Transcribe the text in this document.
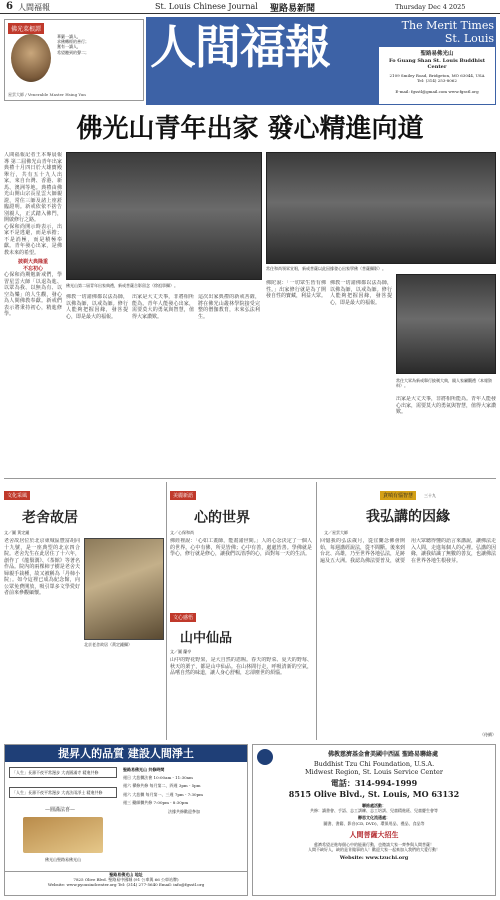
6 人間福報	St. Louis Chinese Journal 聖路易新聞	Thursday Dec 4 2025
佛光菜根譚
華嚴一讀人，
求佛轉經的善行；
奮有一讀人，
希望聽到的聲二；
星雲大師 / Venerable Master Hsing Yun
人間福報	The Merit Times
St. Louis
聖路易佛光山
Fo Guang Shan St. Louis Buddhist Center
2109 Smiley Road, Bridgeton, MO 63044, USA
Tel: (314) 253-8062
E-mail: fgsstl@gmail.com www.fgsstl.org
佛光山青年出家 發心精進向道

人間福報記者王本專晨報導 第二屆佛光山青年出家典禮十月四日於大雄寶殿舉行，共有五十九人出家，來自台灣、香港、新馬、澳洲等地。典禮由佛光山開山宗長星雲大師親證，常住三師及諸上座蒞臨證明。新戒依依不捨告別親人，正式踏入佛門，開啟修行之路。

心保和尚開示時表示，出家不是逃避，而是承擔；不是消極，而是積極奉獻。青年發心出家，是佛教未來的希望。

披剃大典隆重

不忘初心

心保和尚期勉新戒們，學習星雲大師「以退為進、以眾為我、以無為有、以空為樂」的人生觀，發心為人間佛教奉獻。新戒們表示將秉持初心，精進修學。

常住和尚領眾宣唱，新戒菩薩以此因緣發心出家學佛（菩薩攝影）。
佛光山第二屆青年出家典禮，新戒菩薩合影留念（徐祖寧攝）。
佛教一切諸佛都以法為師，以佛為師，以戒為師。修行人能夠把握因緣，發菩提心，即是最大的福報。
出家是大丈夫事，非將相所能為。青年人能發心出家，需要莫大的勇氣與智慧，值得大家讚歎。
這次出家典禮的新戒菩薩，將在佛光山叢林學院接受完整的僧伽教育，未來弘法利生。
佛陀說：「一切眾生皆有佛性。」出家修行就是為了開發自性的寶藏，利益大眾。
佛教一切諸佛都以法為師，以佛為師，以戒為師。修行人能夠把握因緣，發菩提心，即是最大的福報。
常住大眾為新戒舉行披剃大典，親人家屬觀禮（本報資料）。
出家是大丈夫事，非將相所能為。青年人能發心出家，需要莫大的勇氣與智慧，值得大家讚歎。
文化采風
老舍故居
文／圖 黃定鍾
老舍故居位於北京東城區豐富胡同十九號，是一座典型的北京四合院。老舍先生在此居住了十六年，創作了《龍鬚溝》、《茶館》等著名作品。院內的兩棵柿子樹是老舍夫婦親手栽種，故又被稱為「丹柿小院」。如今這裡已成為紀念館，向公眾免費開放，吸引眾多文學愛好者前來參觀緬懷。
北京老舍故居（黃定鍾攝）
美麗新語
心的世界
文／心保和尚
佛經裡說：「心如工畫師，能畫諸世間。」人的心念決定了一個人的世界。心中有佛，所見皆佛；心中有善，處處皆善。學佛就是學心，修行就是修心，讓我們以清淨的心，面對每一天的生活。
文心感悟
山中仙品
文／圖 蘭亭
山中的野花野果，是大自然的恩賜。春天的野菜、夏天的野莓、秋天的栗子，都是山中仙品。在山林間行走，呼吸清新的空氣，品嚐自然的味道，讓人身心舒暢，忘卻塵世的煩惱。
貪嗔有惱智慧	三十九
我弘講的因緣
文／星雲大師
回憶我的弘法歲月，從宜蘭念佛會開始，每週講經說法，從不間斷。後來到台北、高雄，乃至世界各地弘法，足跡遍及五大洲。我認為佛法要普及，就要用大眾聽得懂的語言來講說，讓佛法走入人間，走進每個人的心裡。弘講的因緣，讓我結識了無數的善友，也讓佛法在世界各地生根發芽。
（待續）
提昇人的品質 建設人間淨土
「人生」長壽不夜平常漫步 大表圓滿寺 精進共修
「人生」長壽不夜平常漫步 大表法雨淨土 精進共修
—圓滿法喜—
佛光山聖路易佛光山
聖路易佛光山 共修時間
週日 大悲懺法會 10:00am - 11:30am
週六 禪修共修 每月第二、四週 3pm - 5pm
週六 大悲懺 每月第一、三週 7pm - 7:30pm
週三 藥師懺共修 7:00pm - 8:30pm
法緣共修歡迎參加
聖路易佛光山 地址
7825 Olive Blvd. 聖路易中國城 (91 公車與 66 公車站牌)
Website: www.pyousindcenter.org Tel: (314) 277-5640 Email: info@fgsstl.org
佛教慈濟基金會美國中西區 聖路易聯絡處
Buddhist Tzu Chi Foundation, U.S.A.
Midwest Region, St. Louis Service Center
電話：314-994-1999
8515 Olive Blvd., St. Louis, MO 63132
聯絡處活動：
共修：讀書會、手語、志工訓練、志工培訓、兒童精進班、兒童慶生會等
靜思文化流通處：
圖書、書籍、影音(CD, DVD)、環保用品、禮品、食品等
人間菩薩大招生
慈濟希望走進每個心中的能量行動，也邀請大家一齊參與人間菩薩！
人間不缺好人，缺的是肯做事的人！歡迎大家一起來加入我們的大愛行動！
Website: www.tzuchi.org
